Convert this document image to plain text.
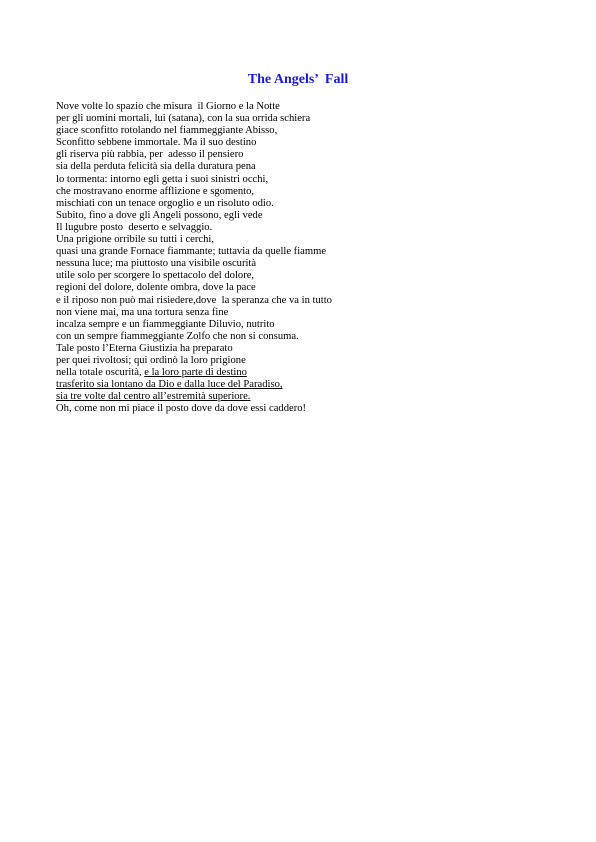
The Angels’  Fall
Nove volte lo spazio che misura  il Giorno e la Notte
per gli uomini mortali, lui (satana), con la sua orrida schiera
giace sconfitto rotolando nel fiammeggiante Abisso,
Sconfitto sebbene immortale. Ma il suo destino
gli riserva più rabbia, per  adesso il pensiero
sia della perduta felicità sia della duratura pena
lo tormenta: intorno egli getta i suoi sinistri occhi,
che mostravano enorme afflizione e sgomento,
mischiati con un tenace orgoglio e un risoluto odio.
Subito, fino a dove gli Angeli possono, egli vede
Il lugubre posto  deserto e selvaggio.
Una prigione orribile su tutti i cerchi,
quasi una grande Fornace fiammante; tuttavia da quelle fiamme
nessuna luce; ma piuttosto una visibile oscurità
utile solo per scorgere lo spettacolo del dolore,
regioni del dolore, dolente ombra, dove la pace
e il riposo non può mai risiedere,dove  la speranza che va in tutto
non viene mai, ma una tortura senza fine
incalza sempre e un fiammeggiante Diluvio, nutrito
con un sempre fiammeggiante Zolfo che non si consuma.
Tale posto l’Eterna Giustizia ha preparato
per quei rivoltosi; qui ordinò la loro prigione
nella totale oscurità, e la loro parte di destino
trasferito sia lontano da Dio e dalla luce del Paradiso,
sia tre volte dal centro all’estremità superiore.
Oh, come non mi piace il posto dove da dove essi caddero!
